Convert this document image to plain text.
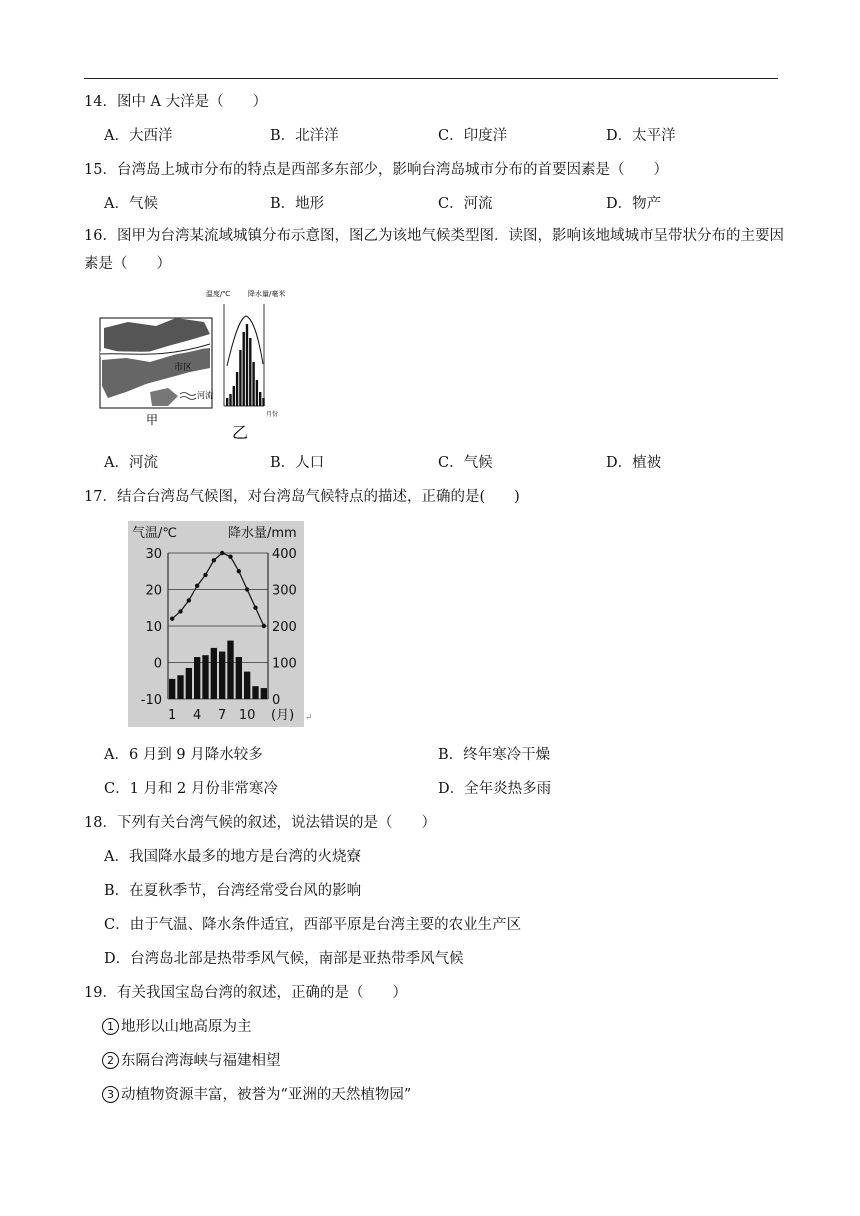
14．图中 A 大洋是（　　）
A．大西洋	B．北洋洋	C．印度洋	D．太平洋
15．台湾岛上城市分布的特点是西部多东部少，影响台湾岛城市分布的首要因素是（　　）
A．气候	B．地形	C．河流	D．物产
16．图甲为台湾某流域城镇分布示意图，图乙为该地气候类型图．读图，影响该地域城市呈带状分布的主要因素是（　　）
市区
河流
甲
温度/℃	降水量/毫米
乙
月份
A．河流	B．人口	C．气候	D．植被
17．结合台湾岛气候图，对台湾岛气候特点的描述，正确的是(　　)
气温/℃	降水量/mm
30
20
10
0
-10
400
300
200
100
0
1 4 7 10 (月) ↵
A．6 月到 9 月降水较多	B．终年寒冷干燥
C．1 月和 2 月份非常寒冷	D．全年炎热多雨
18．下列有关台湾气候的叙述，说法错误的是（　　）
A．我国降水最多的地方是台湾的火烧寮
B．在夏秋季节，台湾经常受台风的影响
C．由于气温、降水条件适宜，西部平原是台湾主要的农业生产区
D．台湾岛北部是热带季风气候，南部是亚热带季风气候
19．有关我国宝岛台湾的叙述，正确的是（　　）
1 地形以山地高原为主
2 东隔台湾海峡与福建相望
3 动植物资源丰富，被誉为“亚洲的天然植物园”
